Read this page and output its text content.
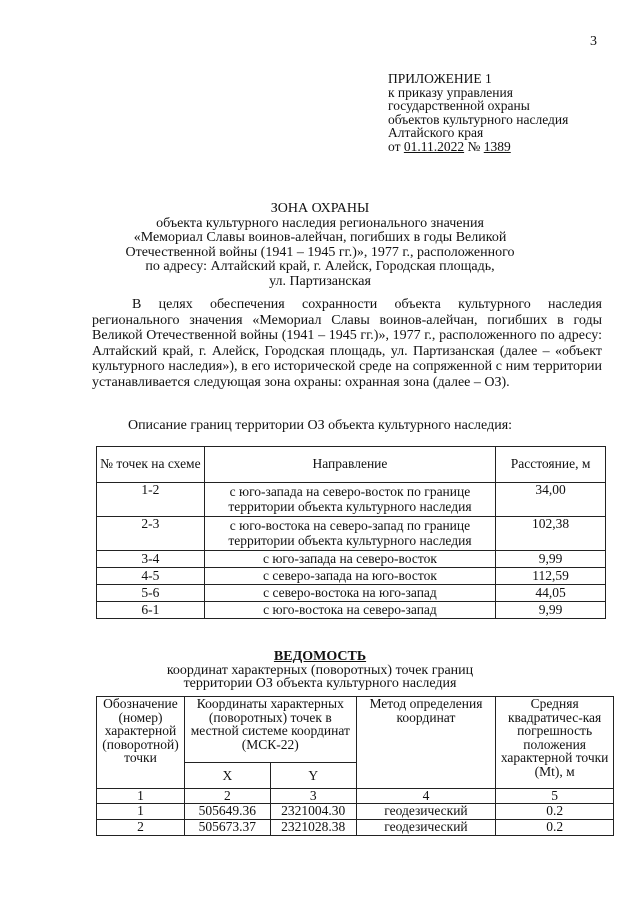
3
ПРИЛОЖЕНИЕ 1
к приказу управления
государственной охраны
объектов культурного наследия
Алтайского края
от 01.11.2022 № 1389
ЗОНА ОХРАНЫ
объекта культурного наследия регионального значения
«Мемориал Славы воинов-алейчан, погибших в годы Великой
Отечественной войны (1941 – 1945 гг.)», 1977 г., расположенного
по адресу: Алтайский край, г. Алейск, Городская площадь,
ул. Партизанская

В целях обеспечения сохранности объекта культурного наследия регионального значения «Мемориал Славы воинов-алейчан, погибших в годы Великой Отечественной войны (1941 – 1945 гг.)», 1977 г., расположенного по адресу: Алтайский край, г. Алейск, Городская площадь, ул. Партизанская (далее – «объект культурного наследия»), в его исторической среде на сопряженной с ним территории устанавливается следующая зона охраны: охранная зона (далее – ОЗ).

Описание границ территории ОЗ объекта культурного наследия:
№ точек на схеме	Направление	Расстояние, м
1-2	с юго-запада на северо-восток по границе территории объекта культурного наследия	34,00
2-3	с юго-востока на северо-запад по границе территории объекта культурного наследия	102,38
3-4	с юго-запада на северо-восток	9,99
4-5	с северо-запада на юго-восток	112,59
5-6	с северо-востока на юго-запад	44,05
6-1	с юго-востока на северо-запад	9,99
ВЕДОМОСТЬ
координат характерных (поворотных) точек границ
территории ОЗ объекта культурного наследия
Обозначение (номер) характерной (поворотной) точки	Координаты характерных (поворотных) точек в местной системе координат (МСК-22)		Метод определения координат	Средняя квадратичес-кая погрешность положения характерной точки (Mt), м
	X	Y		
1	2	3	4	5
1	505649.36	2321004.30	геодезический	0.2
2	505673.37	2321028.38	геодезический	0.2
